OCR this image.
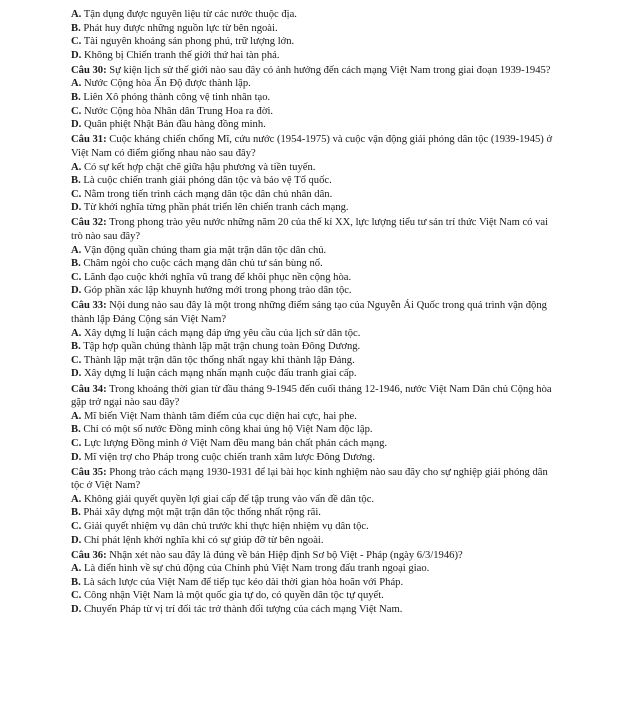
A. Tận dụng được nguyên liệu từ các nước thuộc địa.
B. Phát huy được những nguồn lực từ bên ngoài.
C. Tài nguyên khoáng sản phong phú, trữ lượng lớn.
D. Không bị Chiến tranh thế giới thứ hai tàn phá.
Câu 30: Sự kiện lịch sử thế giới nào sau đây có ảnh hưởng đến cách mạng Việt Nam trong giai đoạn 1939-1945?
A. Nước Cộng hòa Ấn Độ được thành lập.
B. Liên Xô phóng thành công vệ tinh nhân tạo.
C. Nước Cộng hòa Nhân dân Trung Hoa ra đời.
D. Quân phiệt Nhật Bản đầu hàng đồng minh.
Câu 31: Cuộc kháng chiến chống Mĩ, cứu nước (1954-1975) và cuộc vận động giải phóng dân tộc (1939-1945) ở Việt Nam có điểm giống nhau nào sau đây?
A. Có sự kết hợp chặt chẽ giữa hậu phương và tiền tuyến.
B. Là cuộc chiến tranh giải phóng dân tộc và bảo vệ Tổ quốc.
C. Nằm trong tiến trình cách mạng dân tộc dân chủ nhân dân.
D. Từ khởi nghĩa từng phần phát triển lên chiến tranh cách mạng.
Câu 32: Trong phong trào yêu nước những năm 20 của thế kỉ XX, lực lượng tiểu tư sản trí thức Việt Nam có vai trò nào sau đây?
A. Vận động quần chúng tham gia mặt trận dân tộc dân chủ.
B. Châm ngòi cho cuộc cách mạng dân chủ tư sản bùng nổ.
C. Lãnh đạo cuộc khởi nghĩa vũ trang để khôi phục nền cộng hòa.
D. Góp phần xác lập khuynh hướng mới trong phong trào dân tộc.
Câu 33: Nội dung nào sau đây là một trong những điểm sáng tạo của Nguyễn Ái Quốc trong quá trình vận động thành lập Đảng Cộng sản Việt Nam?
A. Xây dựng lí luận cách mạng đáp ứng yêu cầu của lịch sử dân tộc.
B. Tập hợp quần chúng thành lập mặt trận chung toàn Đông Dương.
C. Thành lập mặt trận dân tộc thống nhất ngay khi thành lập Đảng.
D. Xây dựng lí luận cách mạng nhấn mạnh cuộc đấu tranh giai cấp.
Câu 34: Trong khoảng thời gian từ đầu tháng 9-1945 đến cuối tháng 12-1946, nước Việt Nam Dân chủ Cộng hòa gặp trở ngại nào sau đây?
A. Mĩ biến Việt Nam thành tâm điểm của cục diện hai cực, hai phe.
B. Chỉ có một số nước Đồng minh công khai ủng hộ Việt Nam độc lập.
C. Lực lượng Đồng minh ở Việt Nam đều mang bản chất phản cách mạng.
D. Mĩ viện trợ cho Pháp trong cuộc chiến tranh xâm lược Đông Dương.
Câu 35: Phong trào cách mạng 1930-1931 để lại bài học kinh nghiệm nào sau đây cho sự nghiệp giải phóng dân tộc ở Việt Nam?
A. Không giải quyết quyền lợi giai cấp để tập trung vào vấn đề dân tộc.
B. Phải xây dựng một mặt trận dân tộc thống nhất rộng rãi.
C. Giải quyết nhiệm vụ dân chủ trước khi thực hiện nhiệm vụ dân tộc.
D. Chỉ phát lệnh khởi nghĩa khi có sự giúp đỡ từ bên ngoài.
Câu 36: Nhận xét nào sau đây là đúng về bản Hiệp định Sơ bộ Việt - Pháp (ngày 6/3/1946)?
A. Là điển hình về sự chủ động của Chính phủ Việt Nam trong đấu tranh ngoại giao.
B. Là sách lược của Việt Nam để tiếp tục kéo dài thời gian hòa hoãn với Pháp.
C. Công nhận Việt Nam là một quốc gia tự do, có quyền dân tộc tự quyết.
D. Chuyển Pháp từ vị trí đối tác trở thành đối tượng của cách mạng Việt Nam.
